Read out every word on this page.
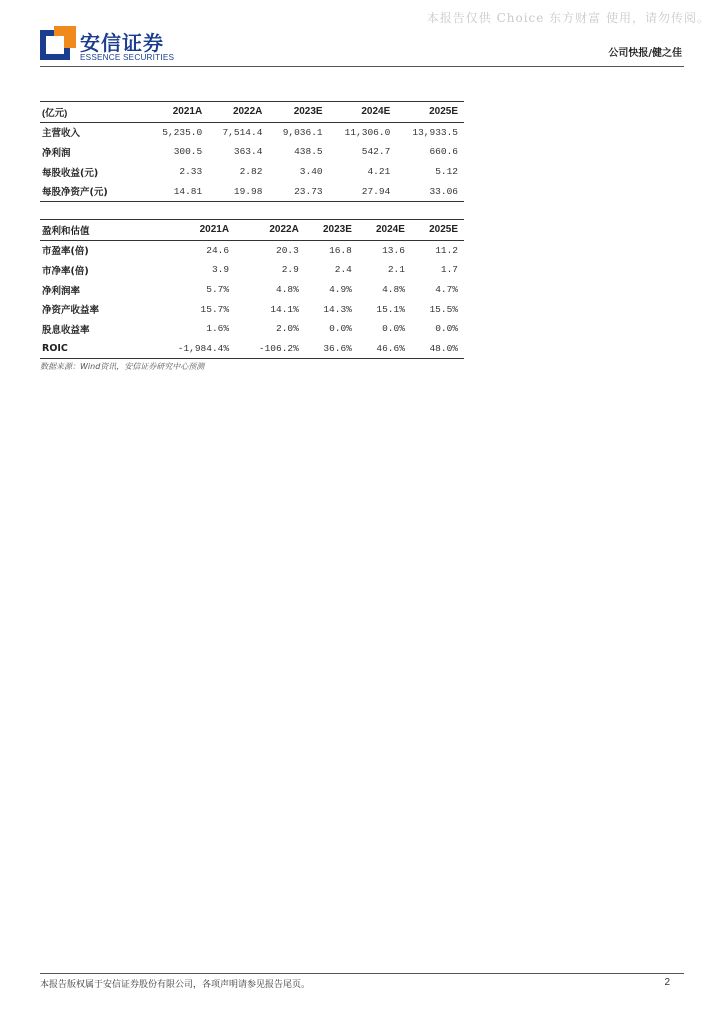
本报告仅供 Choice 东方财富 使用，请勿传阅。
安信证券
ESSENCE SECURITIES	公司快报/健之佳
(亿元)	2021A	2022A	2023E	2024E	2025E
主营收入	5,235.0	7,514.4	9,036.1	11,306.0	13,933.5
净利润	300.5	363.4	438.5	542.7	660.6
每股收益(元)	2.33	2.82	3.40	4.21	5.12
每股净资产(元)	14.81	19.98	23.73	27.94	33.06
盈利和估值	2021A	2022A	2023E	2024E	2025E
市盈率(倍)	24.6	20.3	16.8	13.6	11.2
市净率(倍)	3.9	2.9	2.4	2.1	1.7
净利润率	5.7%	4.8%	4.9%	4.8%	4.7%
净资产收益率	15.7%	14.1%	14.3%	15.1%	15.5%
股息收益率	1.6%	2.0%	0.0%	0.0%	0.0%
ROIC	-1,984.4%	-106.2%	36.6%	46.6%	48.0%
数据来源：Wind资讯，安信证券研究中心预测
本报告版权属于安信证券股份有限公司，各项声明请参见报告尾页。	2
